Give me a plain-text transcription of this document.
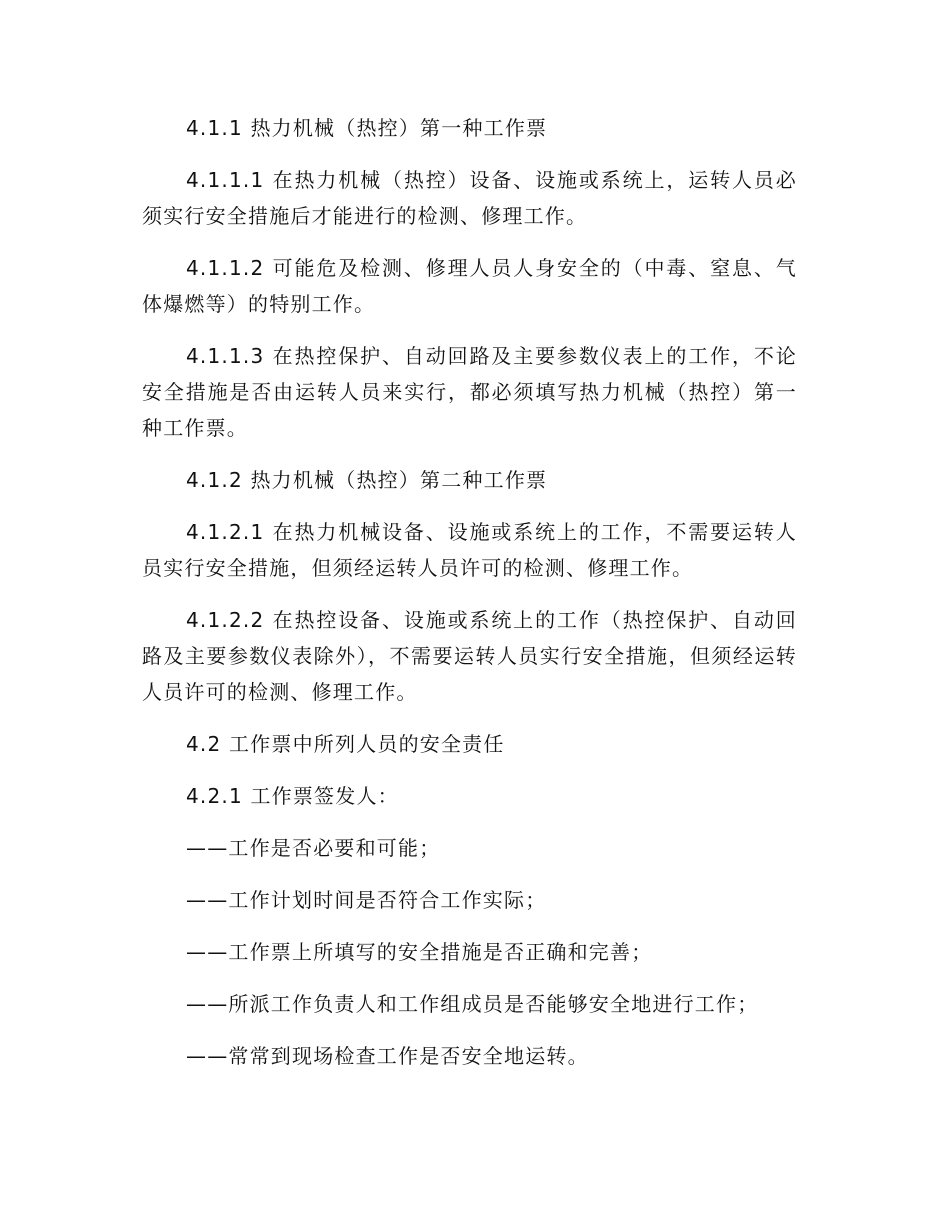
4.1.1 热力机械（热控）第一种工作票

4.1.1.1 在热力机械（热控）设备、设施或系统上，运转人员必须实行安全措施后才能进行的检测、修理工作。

4.1.1.2 可能危及检测、修理人员人身安全的（中毒、窒息、气体爆燃等）的特别工作。

4.1.1.3 在热控保护、自动回路及主要参数仪表上的工作，不论安全措施是否由运转人员来实行，都必须填写热力机械（热控）第一种工作票。

4.1.2 热力机械（热控）第二种工作票

4.1.2.1 在热力机械设备、设施或系统上的工作，不需要运转人员实行安全措施，但须经运转人员许可的检测、修理工作。

4.1.2.2 在热控设备、设施或系统上的工作（热控保护、自动回路及主要参数仪表除外），不需要运转人员实行安全措施，但须经运转人员许可的检测、修理工作。

4.2 工作票中所列人员的安全责任

4.2.1 工作票签发人：

——工作是否必要和可能；

——工作计划时间是否符合工作实际；

——工作票上所填写的安全措施是否正确和完善；

——所派工作负责人和工作组成员是否能够安全地进行工作；

——常常到现场检查工作是否安全地运转。
